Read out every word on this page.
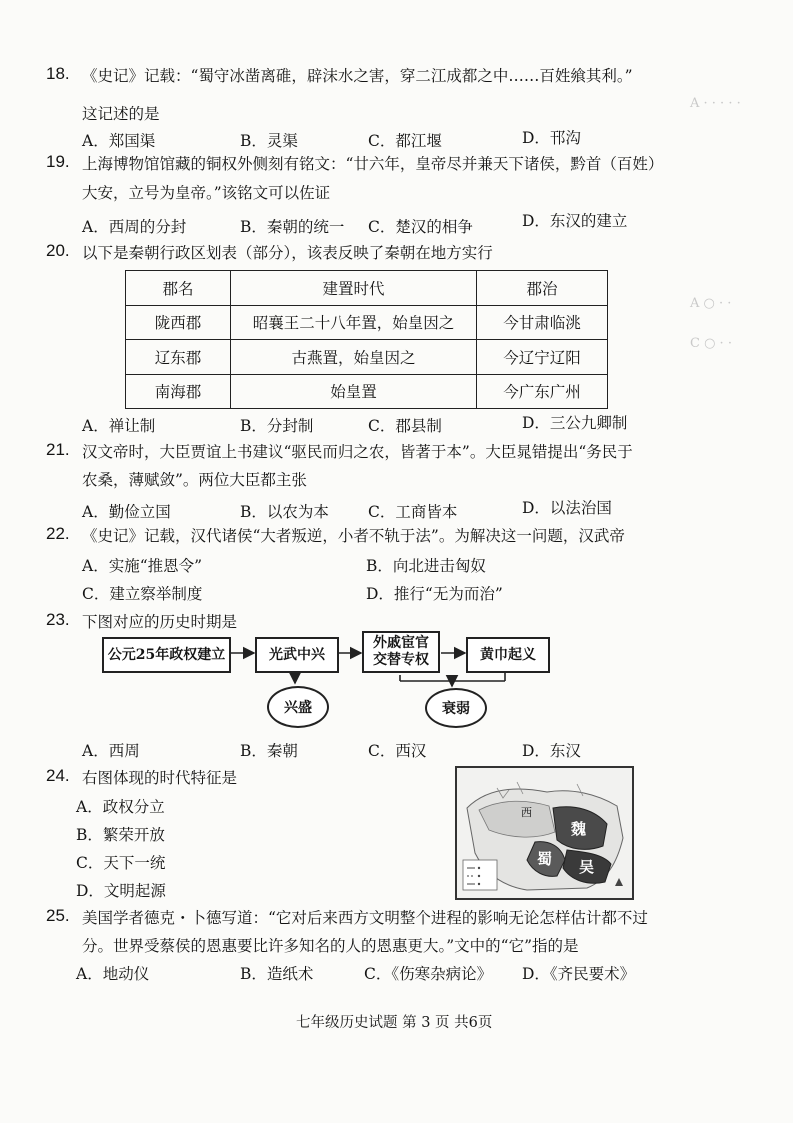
A · · · · ·
A ○ · ·
C ○ · ·
18. 《史记》记载：“蜀守冰凿离碓，辟沫水之害，穿二江成都之中……百姓飨其利。”
这记述的是
A．郑国渠	B．灵渠	C．都江堰	D．邗沟
19. 上海博物馆馆藏的铜权外侧刻有铭文：“廿六年，皇帝尽并兼天下诸侯，黔首（百姓）
大安，立号为皇帝。”该铭文可以佐证
A．西周的分封	B．秦朝的统一 C．楚汉的相争	D．东汉的建立
20. 以下是秦朝行政区划表（部分），该表反映了秦朝在地方实行
郡名	建置时代	郡治
陇西郡	昭襄王二十八年置，始皇因之	今甘肃临洮
辽东郡	古燕置，始皇因之	今辽宁辽阳
南海郡	始皇置	今广东广州
A．禅让制	B．分封制	C．郡县制	D．三公九卿制
21. 汉文帝时，大臣贾谊上书建议“驱民而归之农，皆著于本”。大臣晁错提出“务民于
农桑，薄赋敛”。两位大臣都主张
A．勤俭立国	B．以农为本	C．工商皆本	D．以法治国
22. 《史记》记载，汉代诸侯“大者叛逆，小者不轨于法”。为解决这一问题，汉武帝
A．实施“推恩令”	B．向北进击匈奴
C．建立察举制度	D．推行“无为而治”
23. 下图对应的历史时期是
公元25年政权建立	光武中兴
外戚宦官交替专权	黄巾起义
兴盛	衰弱
A．西周	B．秦朝	C．西汉	D．东汉
24. 右图体现的时代特征是
A．政权分立
B．繁荣开放
C．天下一统
D．文明起源
西
魏
蜀 吴
25. 美国学者德克・卜德写道：“它对后来西方文明整个进程的影响无论怎样估计都不过
分。世界受蔡侯的恩惠要比许多知名的人的恩惠更大。”文中的“它”指的是
A．地动仪	B．造纸术	C．《伤寒杂病论》 D．《齐民要术》
七年级历史试题 第 3 页 共6页
